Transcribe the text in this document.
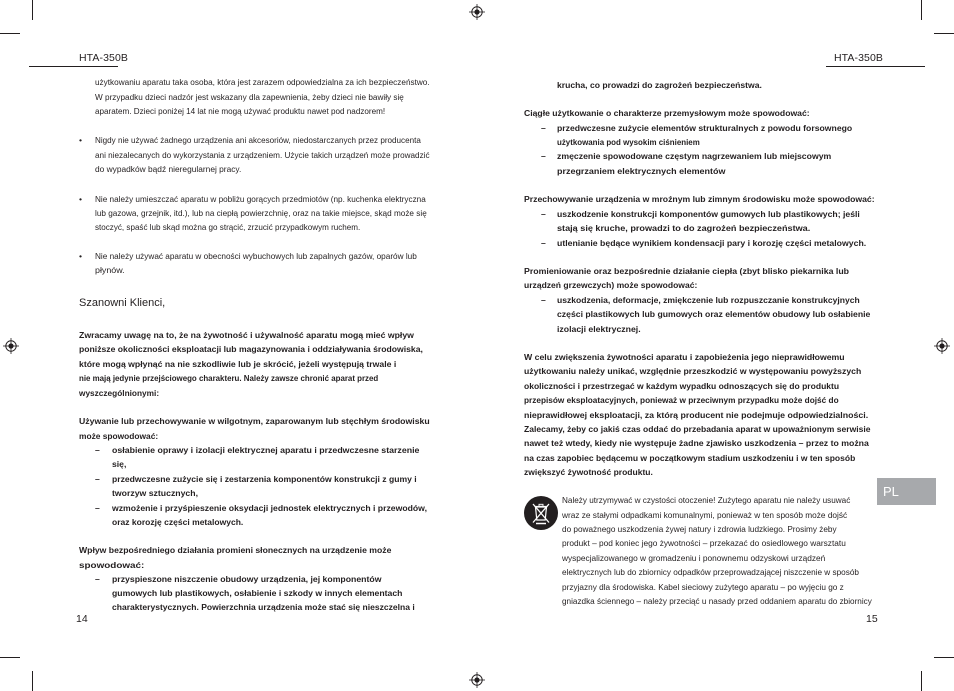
HTA-350B	HTA-350B
14	15
PL
użytkowaniu aparatu taka osoba, która jest zarazem odpowiedzialna za ich bezpieczeństwo.
W przypadku dzieci nadzór jest wskazany dla zapewnienia, żeby dzieci nie bawiły się
aparatem. Dzieci poniżej 14 lat nie mogą używać produktu nawet pod nadzorem!
• Nigdy nie używać żadnego urządzenia ani akcesoriów, niedostarczanych przez producenta
ani niezalecanych do wykorzystania z urządzeniem. Użycie takich urządzeń może prowadzić
do wypadków bądź nieregularnej pracy.
• Nie należy umieszczać aparatu w pobliżu gorących przedmiotów (np. kuchenka elektryczna
lub gazowa, grzejnik, itd.), lub na ciepłą powierzchnię, oraz na takie miejsce, skąd może się
stoczyć, spaść lub skąd można go strącić, zrzucić przypadkowym ruchem.
• Nie należy używać aparatu w obecności wybuchowych lub zapalnych gazów, oparów lub
płynów.
Szanowni Klienci,
Zwracamy uwagę na to, że na żywotność i używalność aparatu mogą mieć wpływ
poniższe okoliczności eksploatacji lub magazynowania i oddziaływania środowiska,
które mogą wpłynąć na nie szkodliwie lub je skrócić, jeżeli występują trwale i
nie mają jedynie przejściowego charakteru. Należy zawsze chronić aparat przed
wyszczególnionymi:
Używanie lub przechowywanie w wilgotnym, zaparowanym lub stęchłym środowisku
może spowodować:
– osłabienie oprawy i izolacji elektrycznej aparatu i przedwczesne starzenie
się,
– przedwczesne zużycie się i zestarzenia komponentów konstrukcji z gumy i
tworzyw sztucznych,
– wzmożenie i przyśpieszenie oksydacji jednostek elektrycznych i przewodów,
oraz korozję części metalowych.
Wpływ bezpośredniego działania promieni słonecznych na urządzenie może
spowodować:
– przyspieszone niszczenie obudowy urządzenia, jej komponentów
gumowych lub plastikowych, osłabienie i szkody w innych elementach
charakterystycznych. Powierzchnia urządzenia może stać się nieszczelna i
krucha, co prowadzi do zagrożeń bezpieczeństwa.
Ciągłe użytkowanie o charakterze przemysłowym może spowodować:
– przedwczesne zużycie elementów strukturalnych z powodu forsownego
użytkowania pod wysokim ciśnieniem
– zmęczenie spowodowane częstym nagrzewaniem lub miejscowym
przegrzaniem elektrycznych elementów
Przechowywanie urządzenia w mroźnym lub zimnym środowisku może spowodować:
– uszkodzenie konstrukcji komponentów gumowych lub plastikowych; jeśli
stają się kruche, prowadzi to do zagrożeń bezpieczeństwa.
– utlenianie będące wynikiem kondensacji pary i korozję części metalowych.
Promieniowanie oraz bezpośrednie działanie ciepła (zbyt blisko piekarnika lub
urządzeń grzewczych) może spowodować:
– uszkodzenia, deformacje, zmiękczenie lub rozpuszczanie konstrukcyjnych
części plastikowych lub gumowych oraz elementów obudowy lub osłabienie
izolacji elektrycznej.
W celu zwiększenia żywotności aparatu i zapobieżenia jego nieprawidłowemu
użytkowaniu należy unikać, względnie przeszkodzić w występowaniu powyższych
okoliczności i przestrzegać w każdym wypadku odnoszących się do produktu
przepisów eksploatacyjnych, ponieważ w przeciwnym przypadku może dojść do
nieprawidłowej eksploatacji, za którą producent nie podejmuje odpowiedzialności.
Zalecamy, żeby co jakiś czas oddać do przebadania aparat w upoważnionym serwisie
nawet też wtedy, kiedy nie występuje żadne zjawisko uszkodzenia – przez to można
na czas zapobiec będącemu w początkowym stadium uszkodzeniu i w ten sposób
zwiększyć żywotność produktu.
Należy utrzymywać w czystości otoczenie! Zużytego aparatu nie należy usuwać
wraz ze stałymi odpadkami komunalnymi, ponieważ w ten sposób może dojść
do poważnego uszkodzenia żywej natury i zdrowia ludzkiego. Prosimy żeby
produkt – pod koniec jego żywotności – przekazać do osiedlowego warsztatu
wyspecjalizowanego w gromadzeniu i ponownemu odzyskowi urządzeń
elektrycznych lub do zbiornicy odpadków przeprowadzającej niszczenie w sposób
przyjazny dla środowiska. Kabel sieciowy zużytego aparatu – po wyjęciu go z
gniazdka ściennego – należy przeciąć u nasady przed oddaniem aparatu do zbiornicy
